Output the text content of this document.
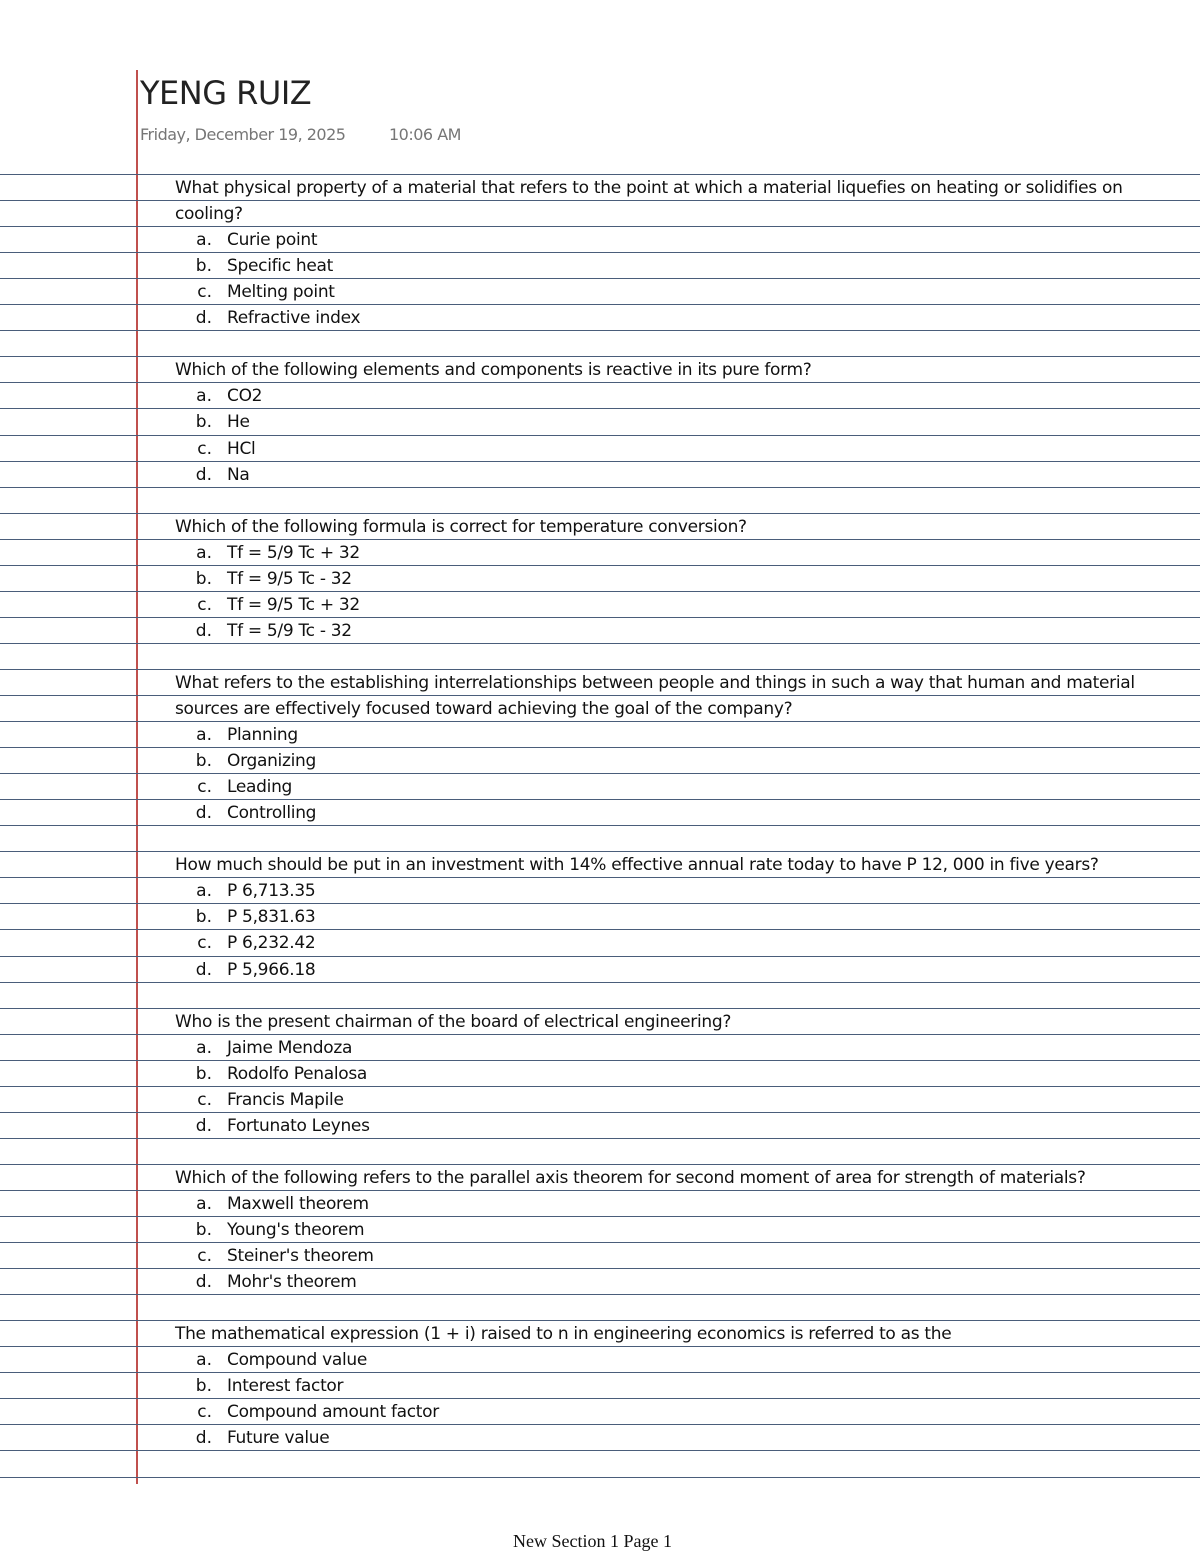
YENG RUIZ
Friday, December 19, 2025	10:06 AM
What physical property of a material that refers to the point at which a material liquefies on heating or solidifies on
cooling?
a. Curie point
b. Specific heat
c. Melting point
d. Refractive index
Which of the following elements and components is reactive in its pure form?
a. CO2
b. He
c. HCl
d. Na
Which of the following formula is correct for temperature conversion?
a. Tf = 5/9 Tc + 32
b. Tf = 9/5 Tc - 32
c. Tf = 9/5 Tc + 32
d. Tf = 5/9 Tc - 32
What refers to the establishing interrelationships between people and things in such a way that human and material
sources are effectively focused toward achieving the goal of the company?
a. Planning
b. Organizing
c. Leading
d. Controlling
How much should be put in an investment with 14% effective annual rate today to have P 12, 000 in five years?
a. P 6,713.35
b. P 5,831.63
c. P 6,232.42
d. P 5,966.18
Who is the present chairman of the board of electrical engineering?
a. Jaime Mendoza
b. Rodolfo Penalosa
c. Francis Mapile
d. Fortunato Leynes
Which of the following refers to the parallel axis theorem for second moment of area for strength of materials?
a. Maxwell theorem
b. Young's theorem
c. Steiner's theorem
d. Mohr's theorem
The mathematical expression (1 + i) raised to n in engineering economics is referred to as the
a. Compound value
b. Interest factor
c. Compound amount factor
d. Future value
New Section 1 Page 1
